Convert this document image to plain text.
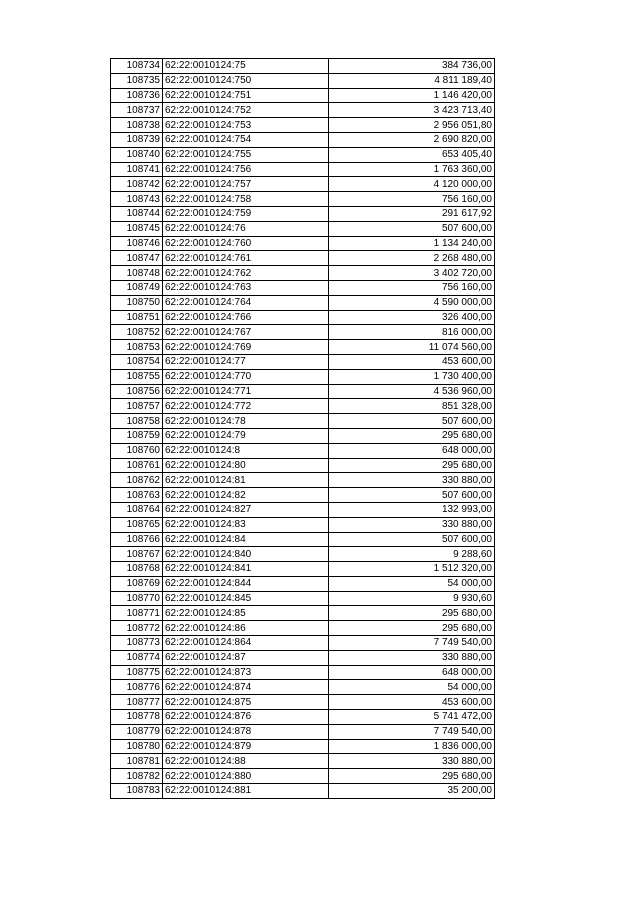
108734	62:22:0010124:75	384 736,00
108735	62:22:0010124:750	4 811 189,40
108736	62:22:0010124:751	1 146 420,00
108737	62:22:0010124:752	3 423 713,40
108738	62:22:0010124:753	2 956 051,80
108739	62:22:0010124:754	2 690 820,00
108740	62:22:0010124:755	653 405,40
108741	62:22:0010124:756	1 763 360,00
108742	62:22:0010124:757	4 120 000,00
108743	62:22:0010124:758	756 160,00
108744	62:22:0010124:759	291 617,92
108745	62:22:0010124:76	507 600,00
108746	62:22:0010124:760	1 134 240,00
108747	62:22:0010124:761	2 268 480,00
108748	62:22:0010124:762	3 402 720,00
108749	62:22:0010124:763	756 160,00
108750	62:22:0010124:764	4 590 000,00
108751	62:22:0010124:766	326 400,00
108752	62:22:0010124:767	816 000,00
108753	62:22:0010124:769	11 074 560,00
108754	62:22:0010124:77	453 600,00
108755	62:22:0010124:770	1 730 400,00
108756	62:22:0010124:771	4 536 960,00
108757	62:22:0010124:772	851 328,00
108758	62:22:0010124:78	507 600,00
108759	62:22:0010124:79	295 680,00
108760	62:22:0010124:8	648 000,00
108761	62:22:0010124:80	295 680,00
108762	62:22:0010124:81	330 880,00
108763	62:22:0010124:82	507 600,00
108764	62:22:0010124:827	132 993,00
108765	62:22:0010124:83	330 880,00
108766	62:22:0010124:84	507 600,00
108767	62:22:0010124:840	9 288,60
108768	62:22:0010124:841	1 512 320,00
108769	62:22:0010124:844	54 000,00
108770	62:22:0010124:845	9 930,60
108771	62:22:0010124:85	295 680,00
108772	62:22:0010124:86	295 680,00
108773	62:22:0010124:864	7 749 540,00
108774	62:22:0010124:87	330 880,00
108775	62:22:0010124:873	648 000,00
108776	62:22:0010124:874	54 000,00
108777	62:22:0010124:875	453 600,00
108778	62:22:0010124:876	5 741 472,00
108779	62:22:0010124:878	7 749 540,00
108780	62:22:0010124:879	1 836 000,00
108781	62:22:0010124:88	330 880,00
108782	62:22:0010124:880	295 680,00
108783	62:22:0010124:881	35 200,00
